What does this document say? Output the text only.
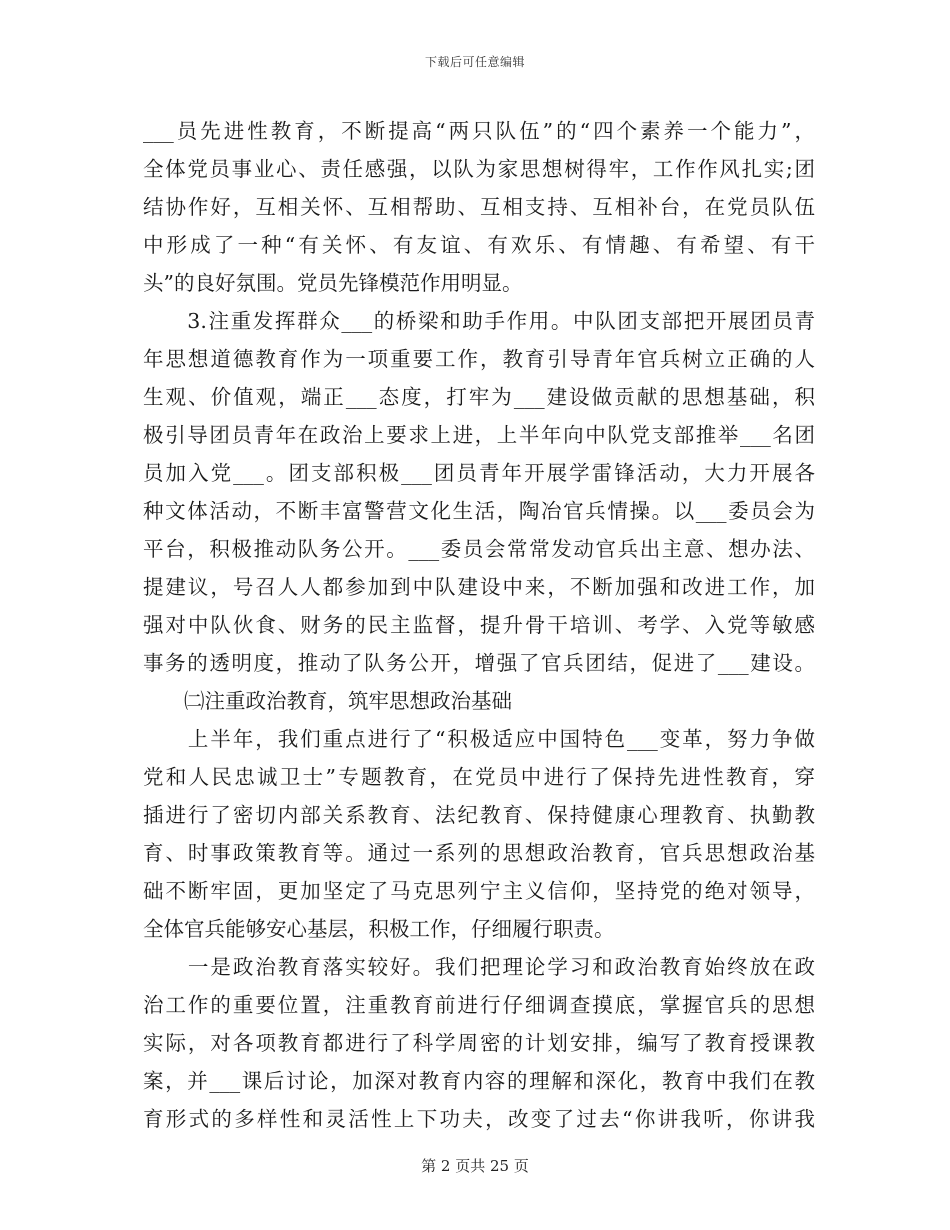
下载后可任意编辑
___员先进性教育，不断提高“两只队伍”的“四个素养一个能力”，
全体党员事业心、责任感强，以队为家思想树得牢，工作作风扎实;团
结协作好，互相关怀、互相帮助、互相支持、互相补台，在党员队伍
中形成了一种“有关怀、有友谊、有欢乐、有情趣、有希望、有干
头”的良好氛围。党员先锋模范作用明显。
　　3.注重发挥群众___的桥梁和助手作用。中队团支部把开展团员青
年思想道德教育作为一项重要工作，教育引导青年官兵树立正确的人
生观、价值观，端正___态度，打牢为___建设做贡献的思想基础，积
极引导团员青年在政治上要求上进，上半年向中队党支部推举___名团
员加入党___。团支部积极___团员青年开展学雷锋活动，大力开展各
种文体活动，不断丰富警营文化生活，陶冶官兵情操。以___委员会为
平台，积极推动队务公开。___委员会常常发动官兵出主意、想办法、
提建议，号召人人都参加到中队建设中来，不断加强和改进工作，加
强对中队伙食、财务的民主监督，提升骨干培训、考学、入党等敏感
事务的透明度，推动了队务公开，增强了官兵团结，促进了___建设。
　　㈡注重政治教育，筑牢思想政治基础
　　上半年，我们重点进行了“积极适应中国特色___变革，努力争做
党和人民忠诚卫士”专题教育，在党员中进行了保持先进性教育，穿
插进行了密切内部关系教育、法纪教育、保持健康心理教育、执勤教
育、时事政策教育等。通过一系列的思想政治教育，官兵思想政治基
础不断牢固，更加坚定了马克思列宁主义信仰，坚持党的绝对领导，
全体官兵能够安心基层，积极工作，仔细履行职责。
　　一是政治教育落实较好。我们把理论学习和政治教育始终放在政
治工作的重要位置，注重教育前进行仔细调查摸底，掌握官兵的思想
实际，对各项教育都进行了科学周密的计划安排，编写了教育授课教
案，并___课后讨论，加深对教育内容的理解和深化，教育中我们在教
育形式的多样性和灵活性上下功夫，改变了过去“你讲我听，你讲我
第 2 页共 25 页
